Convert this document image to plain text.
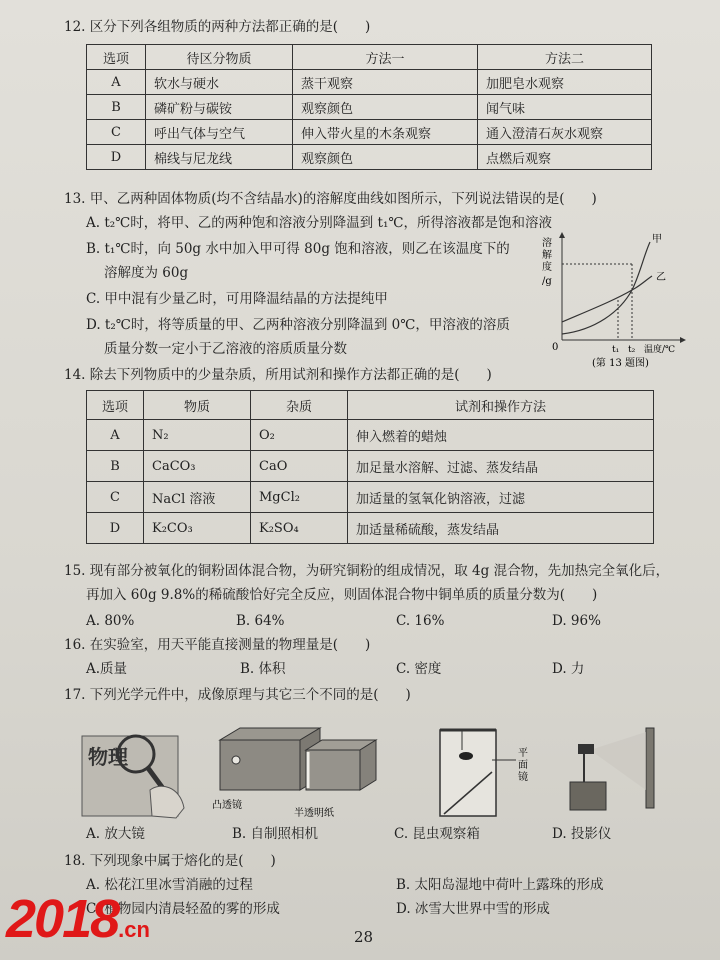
12. 区分下列各组物质的两种方法都正确的是(　　)
选项	待区分物质	方法一	方法二
A	软水与硬水	蒸干观察	加肥皂水观察
B	磷矿粉与碳铵	观察颜色	闻气味
C	呼出气体与空气	伸入带火星的木条观察	通入澄清石灰水观察
D	棉线与尼龙线	观察颜色	点燃后观察
13. 甲、乙两种固体物质(均不含结晶水)的溶解度曲线如图所示，下列说法错误的是(　　)
A. t₂℃时，将甲、乙的两种饱和溶液分别降温到 t₁℃，所得溶液都是饱和溶液
B. t₁℃时，向 50g 水中加入甲可得 80g 饱和溶液，则乙在该温度下的
溶解度为 60g
C. 甲中混有少量乙时，可用降温结晶的方法提纯甲
D. t₂℃时，将等质量的甲、乙两种溶液分别降温到 0℃，甲溶液的溶质
质量分数一定小于乙溶液的溶质质量分数
溶
解
度
/g
0	t₁ t₂ 温度/℃
甲
乙
(第 13 题图)
14. 除去下列物质中的少量杂质，所用试剂和操作方法都正确的是(　　)
选项	物质	杂质	试剂和操作方法
A	N₂	O₂	伸入燃着的蜡烛
B	CaCO₃	CaO	加足量水溶解、过滤、蒸发结晶
C	NaCl 溶液	MgCl₂	加适量的氢氧化钠溶液，过滤
D	K₂CO₃	K₂SO₄	加适量稀硫酸，蒸发结晶
15. 现有部分被氧化的铜粉固体混合物，为研究铜粉的组成情况，取 4g 混合物，先加热完全氧化后，
再加入 60g 9.8%的稀硫酸恰好完全反应，则固体混合物中铜单质的质量分数为(　　)
A. 80%	B. 64%	C. 16%	D. 96%
16. 在实验室，用天平能直接测量的物理量是(　　)
A.质量	B. 体积	C. 密度	D. 力
17. 下列光学元件中，成像原理与其它三个不同的是(　　)
物理
凸透镜
半透明纸
平
面
镜
A. 放大镜	B. 自制照相机	C. 昆虫观察箱	D. 投影仪
18. 下列现象中属于熔化的是(　　)
A. 松花江里冰雪消融的过程	B. 太阳岛湿地中荷叶上露珠的形成
C. 植物园内清晨轻盈的雾的形成	D. 冰雪大世界中雪的形成
2018.cn	28
